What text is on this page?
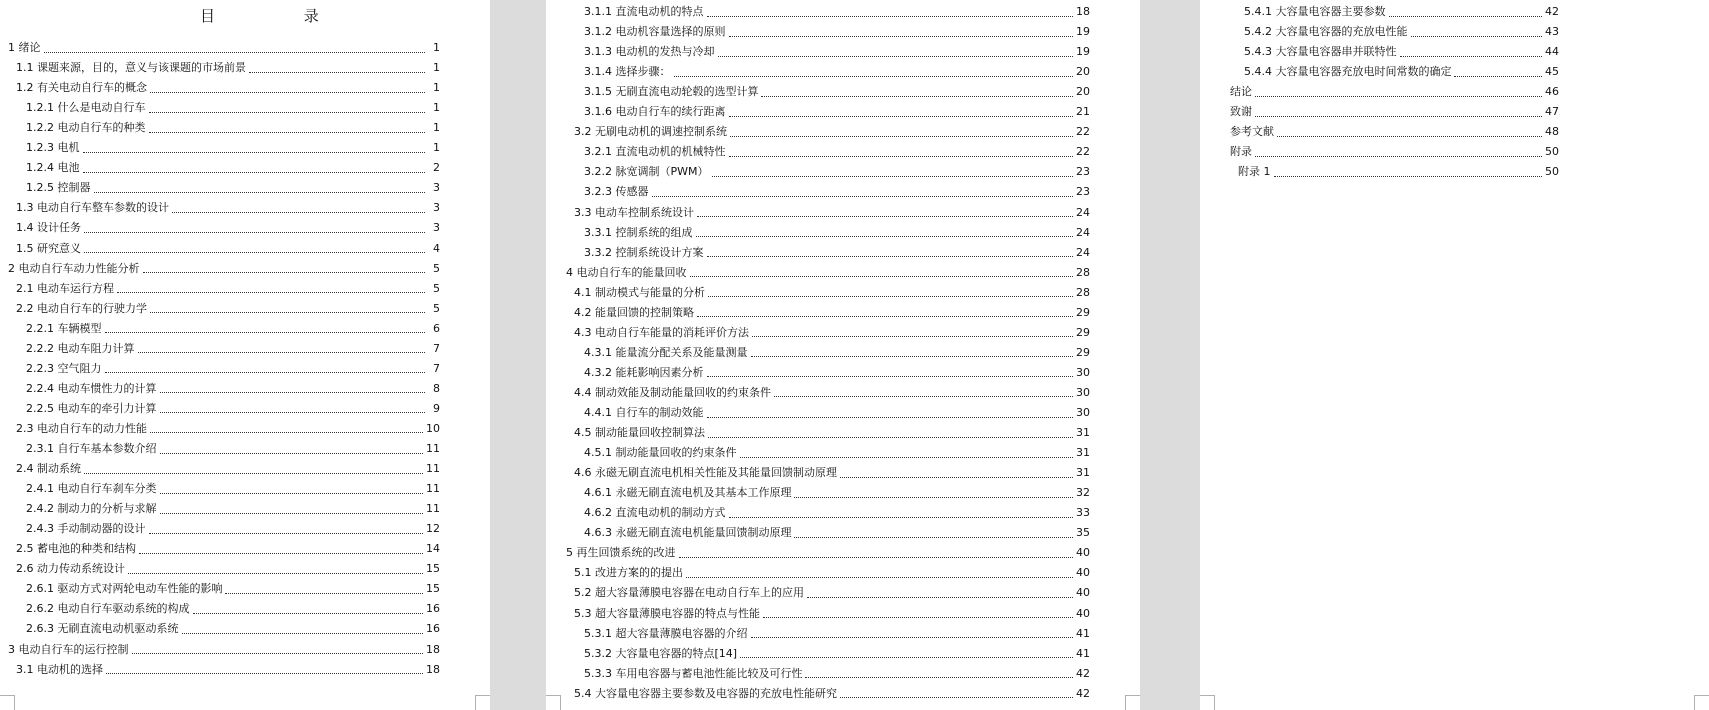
目 录
1 绪论	1
1.1 课题来源，目的，意义与该课题的市场前景	1
1.2 有关电动自行车的概念	1
1.2.1 什么是电动自行车	1
1.2.2 电动自行车的种类	1
1.2.3 电机	1
1.2.4 电池	2
1.2.5 控制器	3
1.3 电动自行车整车参数的设计	3
1.4 设计任务	3
1.5 研究意义	4
2 电动自行车动力性能分析	5
2.1 电动车运行方程	5
2.2 电动自行车的行驶力学	5
2.2.1 车辆模型	6
2.2.2 电动车阻力计算	7
2.2.3 空气阻力	7
2.2.4 电动车惯性力的计算	8
2.2.5 电动车的牵引力计算	9
2.3 电动自行车的动力性能	10
2.3.1 自行车基本参数介绍	11
2.4 制动系统	11
2.4.1 电动自行车刹车分类	11
2.4.2 制动力的分析与求解	11
2.4.3 手动制动器的设计	12
2.5 蓄电池的种类和结构	14
2.6 动力传动系统设计	15
2.6.1 驱动方式对两轮电动车性能的影响	15
2.6.2 电动自行车驱动系统的构成	16
2.6.3 无刷直流电动机驱动系统	16
3 电动自行车的运行控制	18
3.1 电动机的选择	18
3.1.1 直流电动机的特点	18
3.1.2 电动机容量选择的原则	19
3.1.3 电动机的发热与冷却	19
3.1.4 选择步骤：	20
3.1.5 无刷直流电动轮毂的选型计算	20
3.1.6 电动自行车的续行距离	21
3.2 无刷电动机的调速控制系统	22
3.2.1 直流电动机的机械特性	22
3.2.2 脉宽调制（PWM）	23
3.2.3 传感器	23
3.3 电动车控制系统设计	24
3.3.1 控制系统的组成	24
3.3.2 控制系统设计方案	24
4 电动自行车的能量回收	28
4.1 制动模式与能量的分析	28
4.2 能量回馈的控制策略	29
4.3 电动自行车能量的消耗评价方法	29
4.3.1 能量流分配关系及能量测量	29
4.3.2 能耗影响因素分析	30
4.4 制动效能及制动能量回收的约束条件	30
4.4.1 自行车的制动效能	30
4.5 制动能量回收控制算法	31
4.5.1 制动能量回收的约束条件	31
4.6 永磁无刷直流电机相关性能及其能量回馈制动原理	31
4.6.1 永磁无刷直流电机及其基本工作原理	32
4.6.2 直流电动机的制动方式	33
4.6.3 永磁无刷直流电机能量回馈制动原理	35
5 再生回馈系统的改进	40
5.1 改进方案的的提出	40
5.2 超大容量薄膜电容器在电动自行车上的应用	40
5.3 超大容量薄膜电容器的特点与性能	40
5.3.1 超大容量薄膜电容器的介绍	41
5.3.2 大容量电容器的特点[14]	41
5.3.3 车用电容器与蓄电池性能比较及可行性	42
5.4 大容量电容器主要参数及电容器的充放电性能研究	42
5.4.1 大容量电容器主要参数	42
5.4.2 大容量电容器的充放电性能	43
5.4.3 大容量电容器串并联特性	44
5.4.4 大容量电容器充放电时间常数的确定	45
结论	46
致谢	47
参考文献	48
附录	50
附录 1	50
